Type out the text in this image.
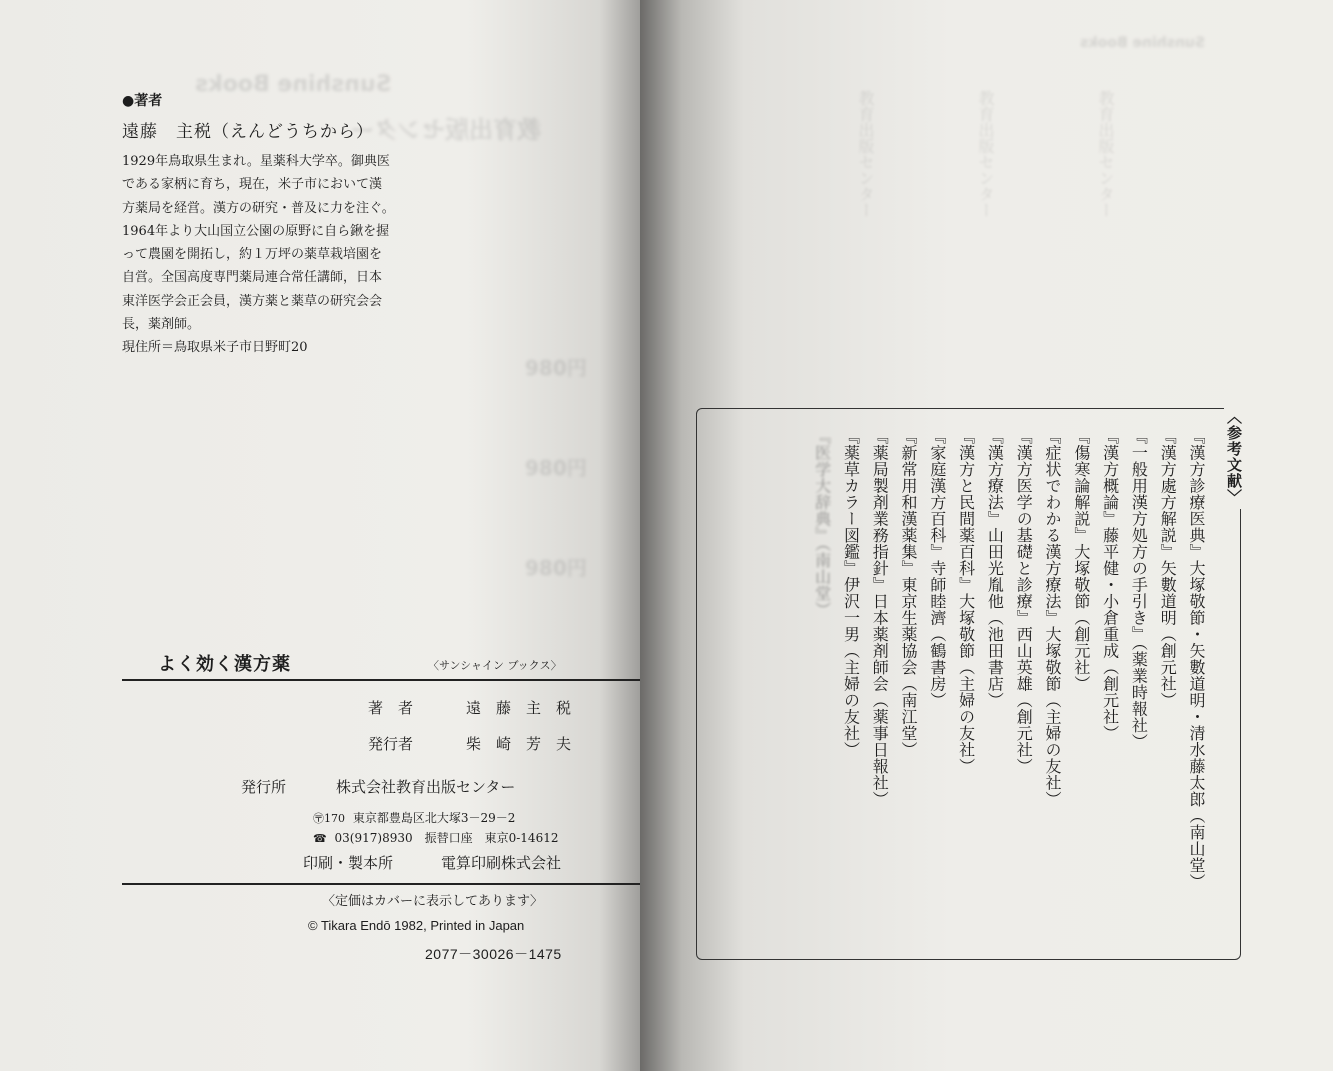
Sunshine Books
教育出版センター
980円
980円
980円
●著者
遠藤　主税（えんどうちから）
1929年鳥取県生まれ。星薬科大学卒。御典医
である家柄に育ち，現在，米子市において漢
方薬局を経営。漢方の研究・普及に力を注ぐ。
1964年より大山国立公園の原野に自ら鍬を握
って農園を開拓し，約１万坪の薬草栽培園を
自営。全国高度専門薬局連合常任講師，日本
東洋医学会正会員，漢方薬と薬草の研究会会
長，薬剤師。
現住所＝鳥取県米子市日野町20
よく効く漢方薬	〈サンシャイン ブックス〉
著　者	遠　藤　主　税
発行者	柴　崎　芳　夫
発行所	株式会社教育出版センター
〶170 東京都豊島区北大塚3－29－2
☎ 03(917)8930　振替口座　東京0-14612
印刷・製本所	電算印刷株式会社
〈定価はカバーに表示してあります〉
© Tikara Endō 1982, Printed in Japan
2077－30026－1475
Sunshine Books
教育出版センター	教育出版センター	教育出版センター
〈参考文献〉
『漢方診療医典』大塚敬節・矢數道明・清水藤太郎（南山堂）
『漢方處方解説』矢數道明（創元社）
『一般用漢方処方の手引き』（薬業時報社）
『漢方概論』藤平健・小倉重成（創元社）
『傷寒論解説』大塚敬節（創元社）
『症状でわかる漢方療法』大塚敬節（主婦の友社）
『漢方医学の基礎と診療』西山英雄（創元社）
『漢方療法』山田光胤他（池田書店）
『漢方と民間薬百科』大塚敬節（主婦の友社）
『家庭漢方百科』寺師睦濟（鶴書房）
『新常用和漢薬集』東京生薬協会（南江堂）
『薬局製剤業務指針』日本薬剤師会（薬事日報社）
『薬草カラー図鑑』伊沢一男（主婦の友社）
『医学大辞典』（南山堂）
